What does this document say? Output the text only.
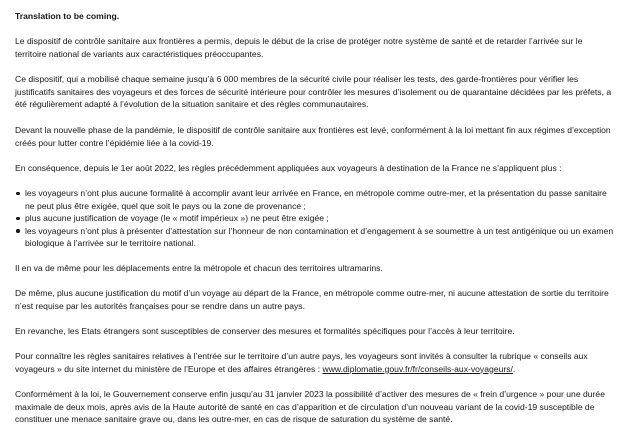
Translation to be coming.

Le dispositif de contrôle sanitaire aux frontières a permis, depuis le début de la crise de protéger notre système de santé et de retarder l’arrivée sur le territoire national de variants aux caractéristiques préoccupantes.

Ce dispositif, qui a mobilisé chaque semaine jusqu’à 6 000 membres de la sécurité civile pour réaliser les tests, des garde-frontières pour vérifier les justificatifs sanitaires des voyageurs et des forces de sécurité intérieure pour contrôler les mesures d’isolement ou de quarantaine décidées par les préfets, a été régulièrement adapté à l’évolution de la situation sanitaire et des règles communautaires.

Devant la nouvelle phase de la pandémie, le dispositif de contrôle sanitaire aux frontières est levé, conformément à la loi mettant fin aux régimes d’exception créés pour lutter contre l’épidémie liée à la covid-19.

En conséquence, depuis le 1er août 2022, les règles précédemment appliquées aux voyageurs à destination de la France ne s’appliquent plus :

les voyageurs n’ont plus aucune formalité à accomplir avant leur arrivée en France, en métropole comme outre-mer, et la présentation du passe sanitaire ne peut plus être exigée, quel que soit le pays ou la zone de provenance ;
plus aucune justification de voyage (le « motif impérieux ») ne peut être exigée ;
les voyageurs n’ont plus à présenter d’attestation sur l’honneur de non contamination et d’engagement à se soumettre à un test antigénique ou un examen biologique à l’arrivée sur le territoire national.

Il en va de même pour les déplacements entre la métropole et chacun des territoires ultramarins.

De même, plus aucune justification du motif d’un voyage au départ de la France, en métropole comme outre-mer, ni aucune attestation de sortie du territoire n’est requise par les autorités françaises pour se rendre dans un autre pays.

En revanche, les Etats étrangers sont susceptibles de conserver des mesures et formalités spécifiques pour l’accès à leur territoire.

Pour connaître les règles sanitaires relatives à l’entrée sur le territoire d’un autre pays, les voyageurs sont invités à consulter la rubrique « conseils aux voyageurs » du site internet du ministère de l’Europe et des affaires étrangères : www.diplomatie.gouv.fr/fr/conseils-aux-voyageurs/.

Conformément à la loi, le Gouvernement conserve enfin jusqu’au 31 janvier 2023 la possibilité d’activer des mesures de « frein d’urgence » pour une durée maximale de deux mois, après avis de la Haute autorité de santé en cas d’apparition et de circulation d’un nouveau variant de la covid-19 susceptible de constituer une menace sanitaire grave ou, dans les outre-mer, en cas de risque de saturation du système de santé.
